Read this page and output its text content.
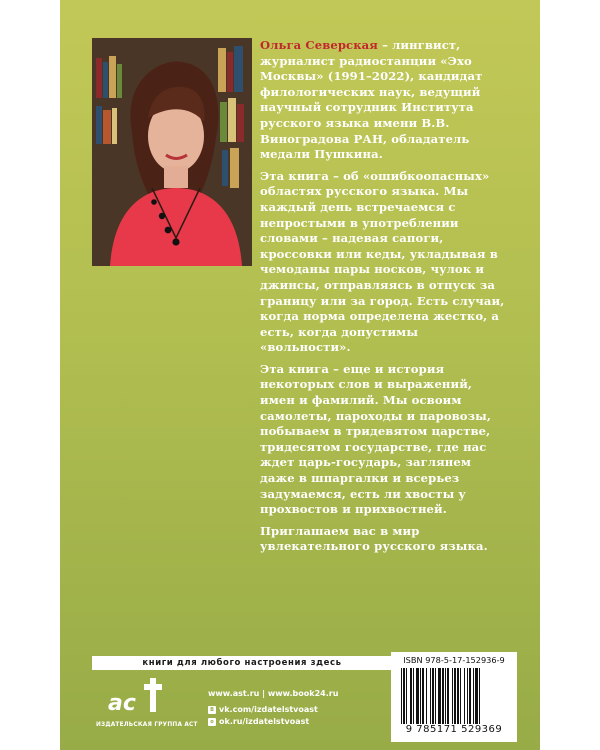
Ольга Северская – лингвист, журналист радиостанции «Эхо Москвы» (1991–2022), кандидат филологических наук, ведущий научный сотрудник Института русского языка имени В.В. Виноградова РАН, обладатель медали Пушкина.

Эта книга – об «ошибкоопасных» областях русского языка. Мы каждый день встречаемся с непростыми в употреблении словами – надевая сапоги, кроссовки или кеды, укладывая в чемоданы пары носков, чулок и джинсы, отправляясь в отпуск за границу или за город. Есть случаи, когда норма определена жестко, а есть, когда допустимы «вольности».

Эта книга – еще и история некоторых слов и выражений, имен и фамилий. Мы освоим самолеты, пароходы и паровозы, побываем в тридевятом царстве, тридесятом государстве, где нас ждет царь-государь, заглянем даже в шпаргалки и всерьез задумаемся, есть ли хвосты у прохвостов и прихвостней.

Приглашаем вас в мир увлекательного русского языка.

книги для любого настроения здесь
ac
ИЗДАТЕЛЬСКАЯ ГРУППА АСТ
www.ast.ru | www.book24.ru
B vk.com/izdatelstvoast
o ok.ru/izdatelstvoast
ISBN 978-5-17-152936-9
9 785171 529369
